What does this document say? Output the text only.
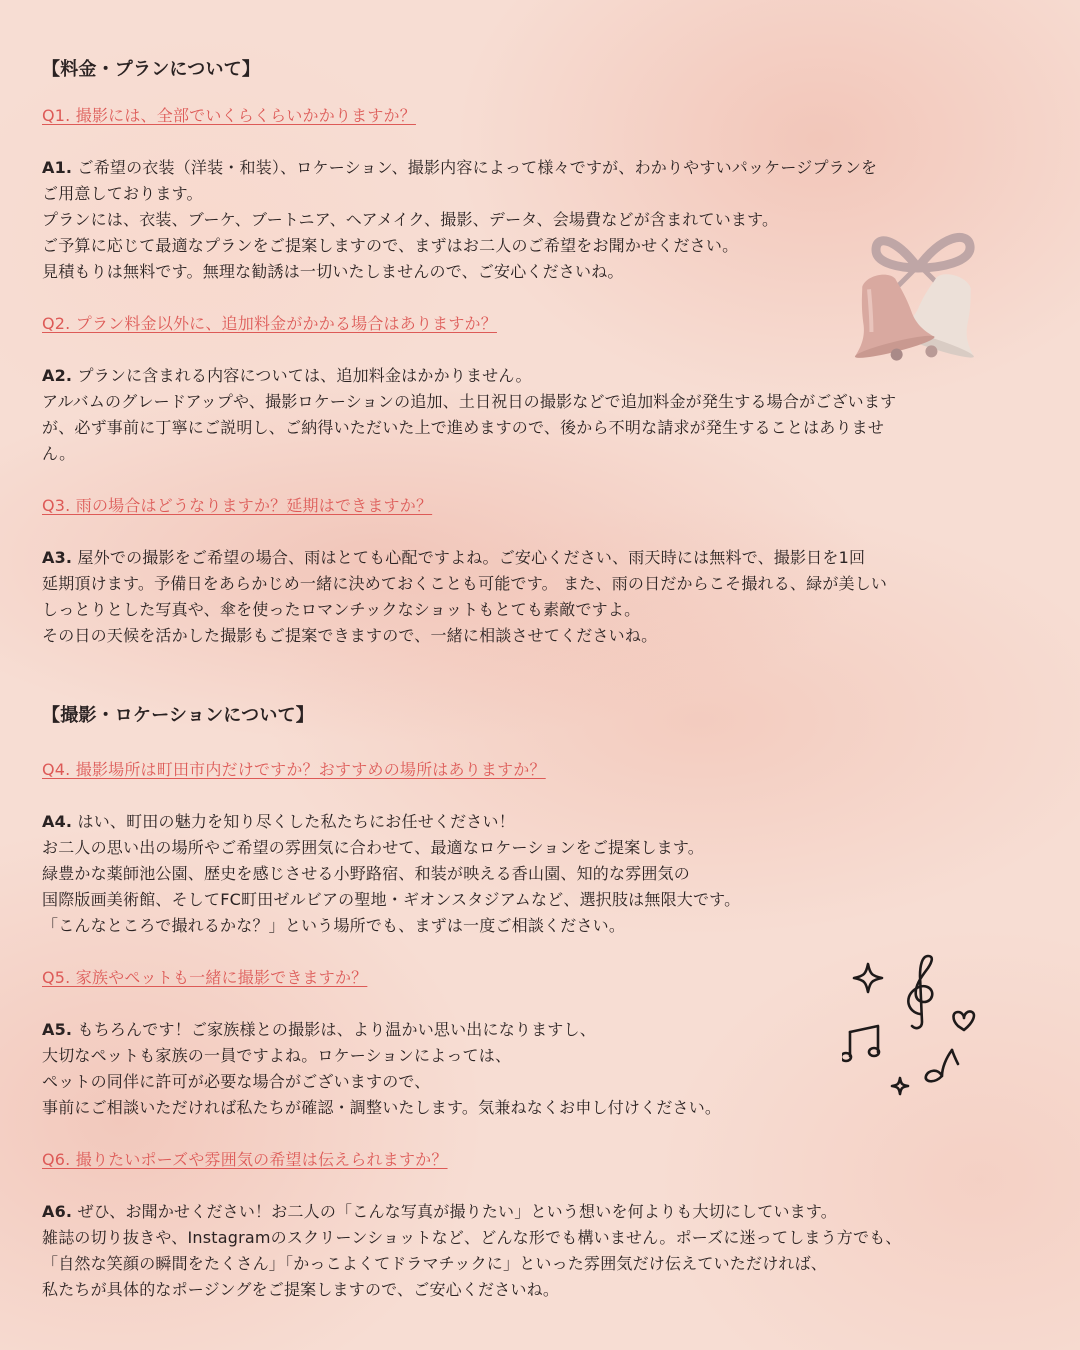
【料金・プランについて】
Q1. 撮影には、全部でいくらくらいかかりますか？
A1. ご希望の衣装（洋装・和装）、ロケーション、撮影内容によって様々ですが、わかりやすいパッケージプランを
ご用意しております。
プランには、衣装、ブーケ、ブートニア、ヘアメイク、撮影、データ、会場費などが含まれています。
ご予算に応じて最適なプランをご提案しますので、まずはお二人のご希望をお聞かせください。
見積もりは無料です。無理な勧誘は一切いたしませんので、ご安心くださいね。
Q2. プラン料金以外に、追加料金がかかる場合はありますか？
A2. プランに含まれる内容については、追加料金はかかりません。
アルバムのグレードアップや、撮影ロケーションの追加、土日祝日の撮影などで追加料金が発生する場合がございます
が、必ず事前に丁寧にご説明し、ご納得いただいた上で進めますので、後から不明な請求が発生することはありませ
ん。
Q3. 雨の場合はどうなりますか？延期はできますか？
A3. 屋外での撮影をご希望の場合、雨はとても心配ですよね。ご安心ください、雨天時には無料で、撮影日を1回
延期頂けます。予備日をあらかじめ一緒に決めておくことも可能です。 また、雨の日だからこそ撮れる、緑が美しい
しっとりとした写真や、傘を使ったロマンチックなショットもとても素敵ですよ。
その日の天候を活かした撮影もご提案できますので、一緒に相談させてくださいね。
【撮影・ロケーションについて】
Q4. 撮影場所は町田市内だけですか？おすすめの場所はありますか？
A4. はい、町田の魅力を知り尽くした私たちにお任せください！
お二人の思い出の場所やご希望の雰囲気に合わせて、最適なロケーションをご提案します。
緑豊かな薬師池公園、歴史を感じさせる小野路宿、和装が映える香山園、知的な雰囲気の
国際版画美術館、そしてFC町田ゼルビアの聖地・ギオンスタジアムなど、選択肢は無限大です。
「こんなところで撮れるかな？」という場所でも、まずは一度ご相談ください。
Q5. 家族やペットも一緒に撮影できますか？
A5. もちろんです！ご家族様との撮影は、より温かい思い出になりますし、
大切なペットも家族の一員ですよね。ロケーションによっては、
ペットの同伴に許可が必要な場合がございますので、
事前にご相談いただければ私たちが確認・調整いたします。気兼ねなくお申し付けください。
Q6. 撮りたいポーズや雰囲気の希望は伝えられますか？
A6. ぜひ、お聞かせください！お二人の「こんな写真が撮りたい」という想いを何よりも大切にしています。
雑誌の切り抜きや、Instagramのスクリーンショットなど、どんな形でも構いません。ポーズに迷ってしまう方でも、
「自然な笑顔の瞬間をたくさん」「かっこよくてドラマチックに」といった雰囲気だけ伝えていただければ、
私たちが具体的なポージングをご提案しますので、ご安心くださいね。
